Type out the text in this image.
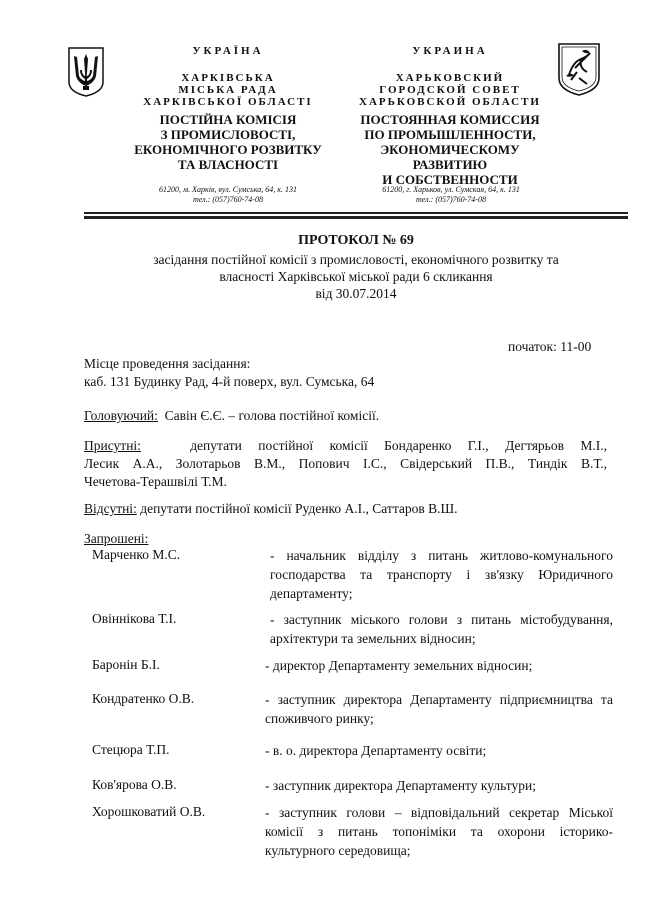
УКРАЇНА
ХАРКІВСЬКА
МІСЬКА РАДА
ХАРКІВСЬКОЇ ОБЛАСТІ
ПОСТІЙНА КОМІСІЯ
З ПРОМИСЛОВОСТІ,
ЕКОНОМІЧНОГО РОЗВИТКУ
ТА ВЛАСНОСТІ
УКРАИНА
ХАРЬКОВСКИЙ
ГОРОДСКОЙ СОВЕТ
ХАРЬКОВСКОЙ ОБЛАСТИ
ПОСТОЯННАЯ КОМИССИЯ
ПО ПРОМЫШЛЕННОСТИ,
ЭКОНОМИЧЕСКОМУ
РАЗВИТИЮ
И СОБСТВЕННОСТИ
61200, м. Харків, вул. Сумська, 64, к. 131
тел.: (057)760-74-08
61200, г. Харьков, ул. Сумская, 64, к. 131
тел.: (057)760-74-08
ПРОТОКОЛ № 69
засідання постійної комісії з промисловості, економічного розвитку та
власності Харківської міської ради 6 скликання
від 30.07.2014
початок: 11-00
Місце проведення засідання:
каб. 131 Будинку Рад, 4-й поверх, вул. Сумська, 64
Головуючий: Савін Є.Є. – голова постійної комісії.
Присутні:	депутати постійної комісії Бондаренко Г.І., Дегтярьов М.І.,
Лесик А.А., Золотарьов В.М., Попович І.С., Свідерський П.В., Тиндік В.Т.,
Чечетова-Терашвілі Т.М.
Відсутні: депутати постійної комісії Руденко А.І., Саттаров В.Ш.
Запрошені:
Марченко М.С.	- начальник відділу з питань житлово-комунального господарства та транспорту і зв'язку Юридичного департаменту;
Овіннікова Т.І.	- заступник міського голови з питань містобудування, архітектури та земельних відносин;
Баронін Б.І.	- директор Департаменту земельних відносин;
Кондратенко О.В.	- заступник директора Департаменту підприємництва та споживчого ринку;
Стецюра Т.П.	- в. о. директора Департаменту освіти;
Ков'ярова О.В.	- заступник директора Департаменту культури;
Хорошковатий О.В.	- заступник голови – відповідальний секретар Міської комісії з питань топоніміки та охорони історико-культурного середовища;
